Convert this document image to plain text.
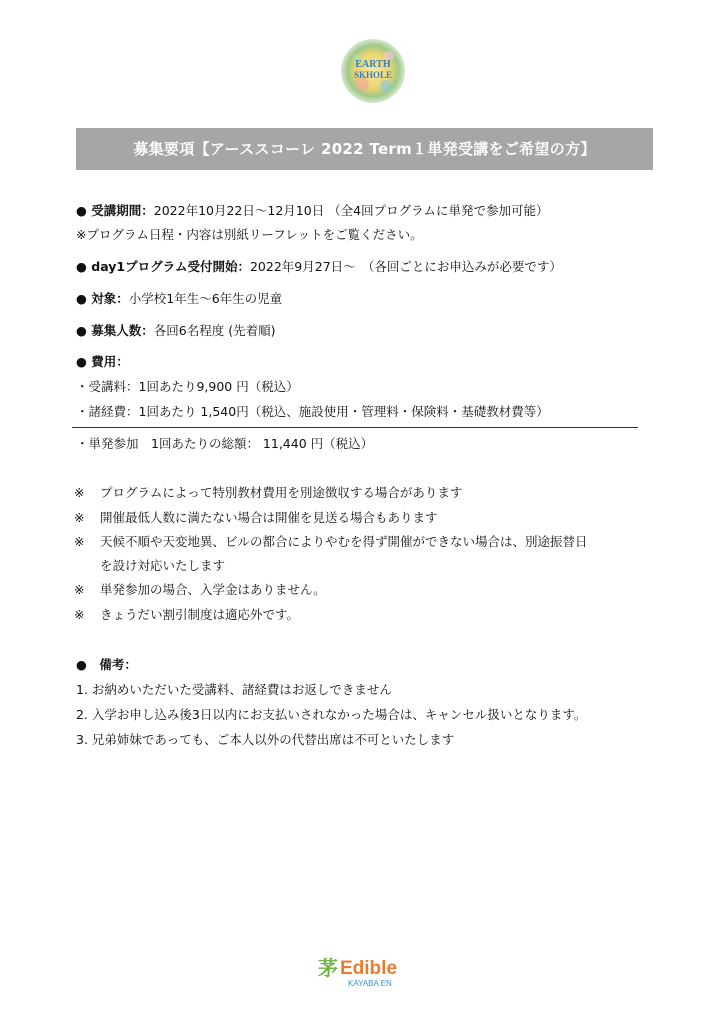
EARTH
SKHOLE
募集要項【アーススコーレ 2022 Term１単発受講をご希望の方】
● 受講期間：2022年10月22日～12月10日 （全4回プログラムに単発で参加可能）
※プログラム日程・内容は別紙リーフレットをご覧ください。
● day1プログラム受付開始：2022年9月27日～　（各回ごとにお申込みが必要です）
● 対象：小学校1年生～6年生の児童
● 募集人数：各回6名程度 (先着順)
● 費用：
・受講料：1回あたり9,900 円（税込）
・諸経費：1回あたり 1,540円（税込、施設使用・管理料・保険料・基礎教材費等）
・単発参加　1回あたりの総額： 11,440 円（税込）
※ プログラムによって特別教材費用を別途徴収する場合があります
※ 開催最低人数に満たない場合は開催を見送る場合もあります
※ 天候不順や天変地異、ビルの都合によりやむを得ず開催ができない場合は、別途振替日
を設け対応いたします
※ 単発参加の場合、入学金はありません。
※ きょうだい割引制度は適応外です。
●　備考：
1. お納めいただいた受講料、諸経費はお返しできません
2. 入学お申し込み後3日以内にお支払いされなかった場合は、キャンセル扱いとなります。
3. 兄弟姉妹であっても、ご本人以外の代替出席は不可といたします
茅 Edible
KAYABA EN
